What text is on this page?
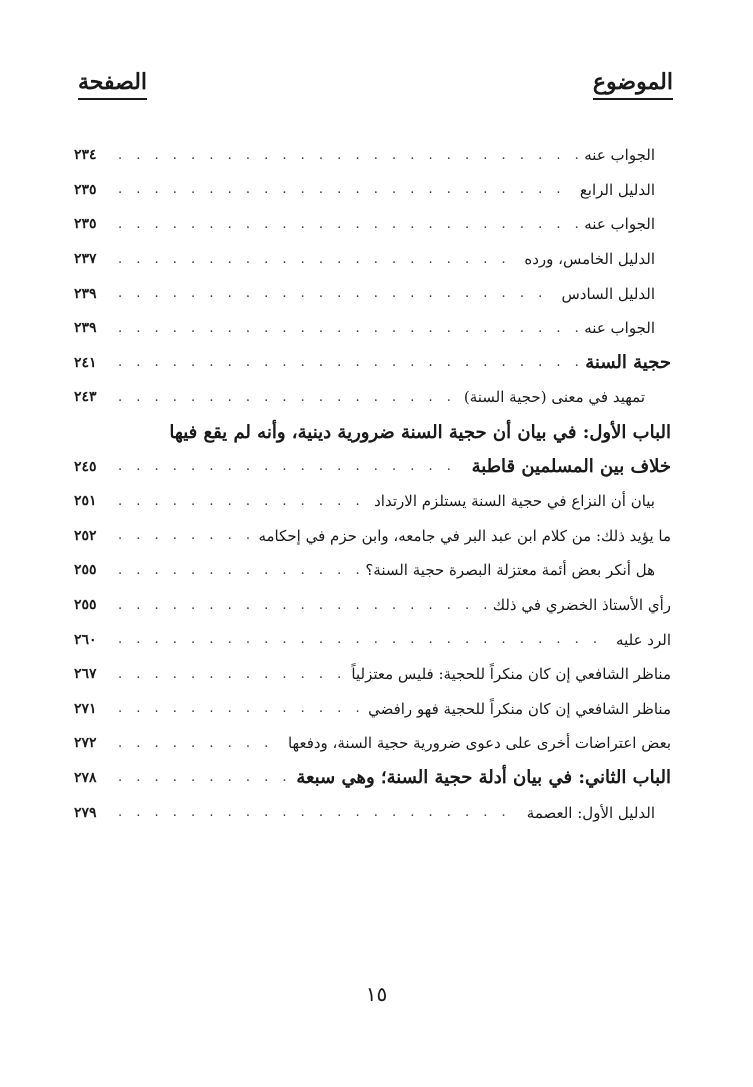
الموضوع
الصفحة
الجواب عنه
. . .
٢٣٤
الدليل الرابع
. . .
٢٣٥
الجواب عنه
. . .
٢٣٥
الدليل الخامس، ورده
. . .
٢٣٧
الدليل السادس
. . .
٢٣٩
الجواب عنه
. . .
٢٣٩
حجية السنة
. . .
٢٤١
تمهيد في معنى (حجية السنة)
. . .
٢٤٣
الباب الأول: في بيان أن حجية السنة ضرورية دينية، وأنه لم يقع فيها
خلاف بين المسلمين قاطبة
. . .
٢٤٥
بيان أن النزاع في حجية السنة يستلزم الارتداد
. . .
٢٥١
ما يؤيد ذلك: من كلام ابن عبد البر في جامعه، وابن حزم في إحكامه
. . .
٢٥٢
هل أنكر بعض أئمة معتزلة البصرة حجية السنة؟
. . .
٢٥٥
رأي الأستاذ الخضري في ذلك
. . .
٢٥٥
الرد عليه
. . .
٢٦٠
مناظر الشافعي إن كان منكراً للحجية: فليس معتزلياً
. . .
٢٦٧
مناظر الشافعي إن كان منكراً للحجية فهو رافضي
. . .
٢٧١
بعض اعتراضات أخرى على دعوى ضرورية حجية السنة، ودفعها
. . .
٢٧٢
الباب الثاني: في بيان أدلة حجية السنة؛ وهي سبعة
. . .
٢٧٨
الدليل الأول: العصمة
. . .
٢٧٩
١٥
